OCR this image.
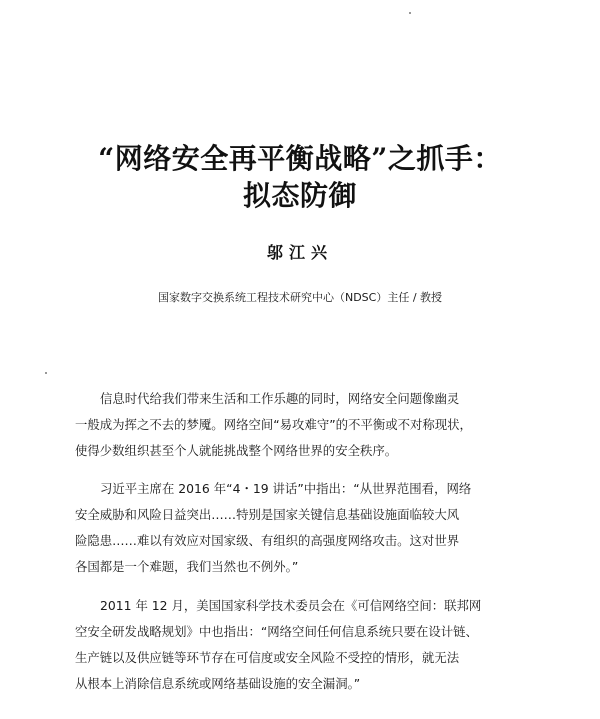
“网络安全再平衡战略”之抓手：
拟态防御
邬江兴
国家数字交换系统工程技术研究中心（NDSC）主任 / 教授
信息时代给我们带来生活和工作乐趣的同时，网络安全问题像幽灵
一般成为挥之不去的梦魇。网络空间“易攻难守”的不平衡或不对称现状，
使得少数组织甚至个人就能挑战整个网络世界的安全秩序。
习近平主席在 2016 年“4・19 讲话”中指出：“从世界范围看，网络
安全威胁和风险日益突出……特别是国家关键信息基础设施面临较大风
险隐患……难以有效应对国家级、有组织的高强度网络攻击。这对世界
各国都是一个难题，我们当然也不例外。”
2011 年 12 月，美国国家科学技术委员会在《可信网络空间：联邦网
空安全研发战略规划》中也指出：“网络空间任何信息系统只要在设计链、
生产链以及供应链等环节存在可信度或安全风险不受控的情形，就无法
从根本上消除信息系统或网络基础设施的安全漏洞。”
